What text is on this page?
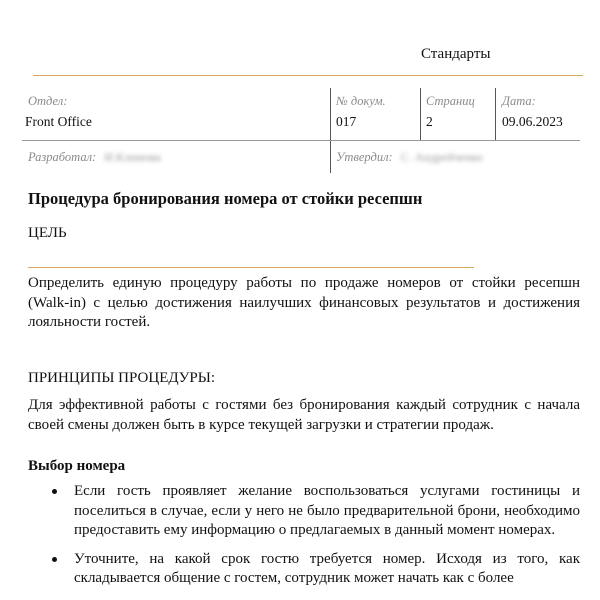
Стандарты
Отдел:
Front Office
№ докум.
017
Страниц
2
Дата:
09.06.2023
Разработал: И.Климова	Утвердил: С. Андрейченко
Процедура бронирования номера от стойки ресепшн
ЦЕЛЬ
Определить единую процедуру работы по продаже номеров от стойки ресепшн (Walk-in) с целью достижения наилучших финансовых результатов и достижения лояльности гостей.
ПРИНЦИПЫ ПРОЦЕДУРЫ:
Для эффективной работы с гостями без бронирования каждый сотрудник с начала своей смены должен быть в курсе текущей загрузки и стратегии продаж.
Выбор номера
Если гость проявляет желание воспользоваться услугами гостиницы и поселиться в случае, если у него не было предварительной брони, необходимо предоставить ему информацию о предлагаемых в данный момент номерах.
Уточните, на какой срок гостю требуется номер. Исходя из того, как складывается общение с гостем, сотрудник может начать как с более
